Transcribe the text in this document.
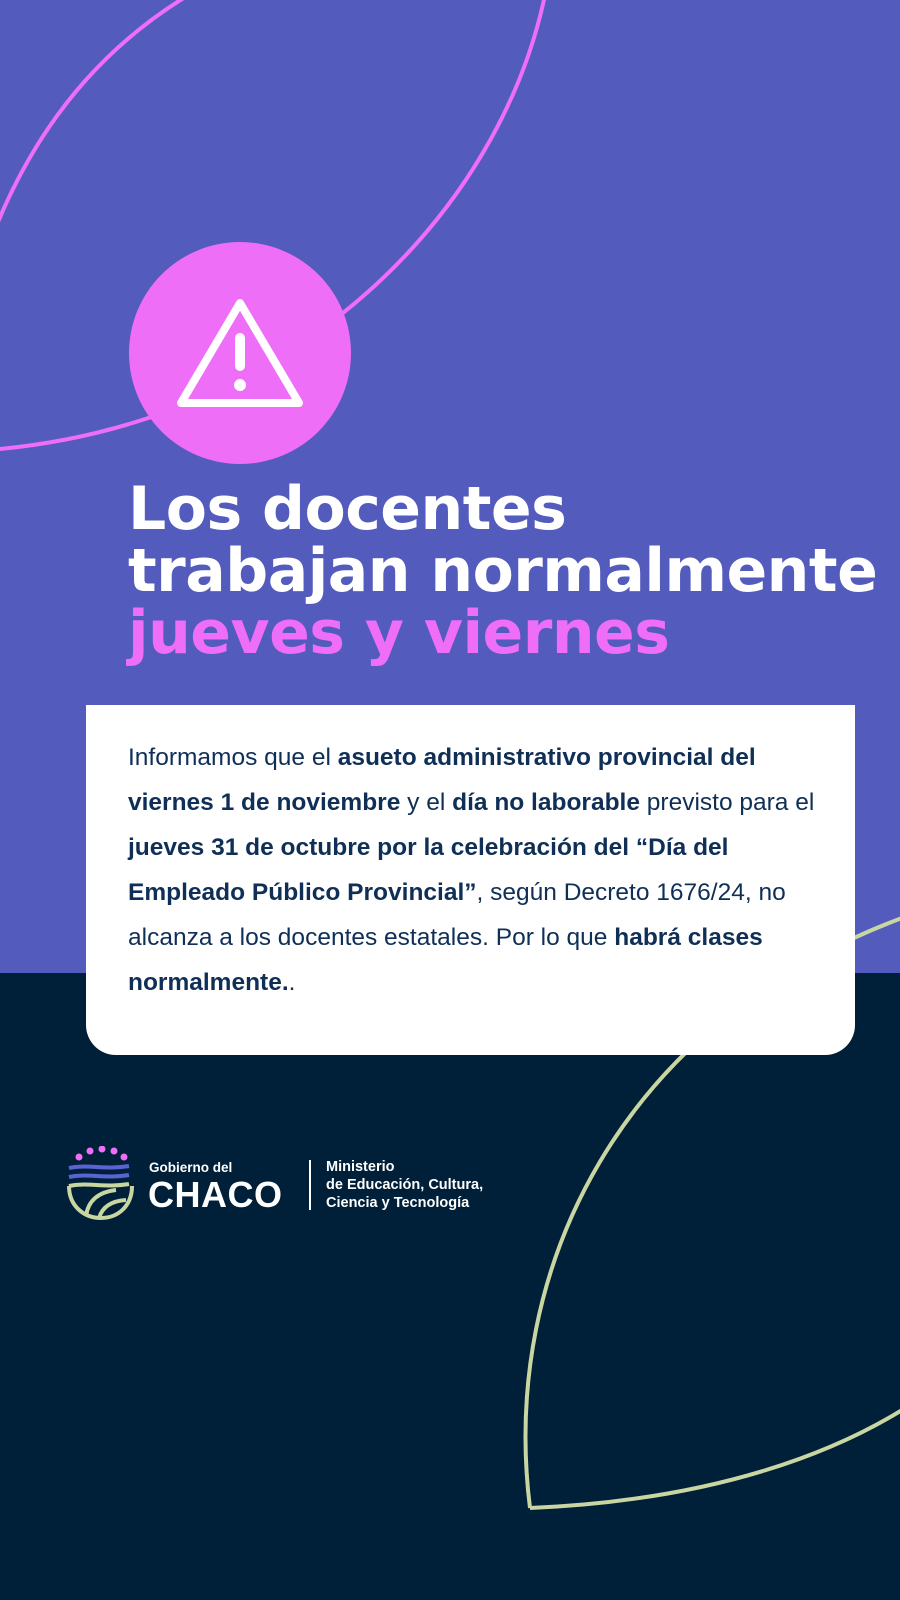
Los docentes
trabajan normalmente
jueves y viernes

Informamos que el asueto administrativo provincial del viernes 1 de noviembre y el día no laborable previsto para el jueves 31 de octubre por la celebración del “Día del Empleado Público Provincial”, según Decreto 1676/24, no alcanza a los docentes estatales. Por lo que habrá clases normalmente..

Gobierno del
CHACO
Ministerio
de Educación, Cultura,
Ciencia y Tecnología
